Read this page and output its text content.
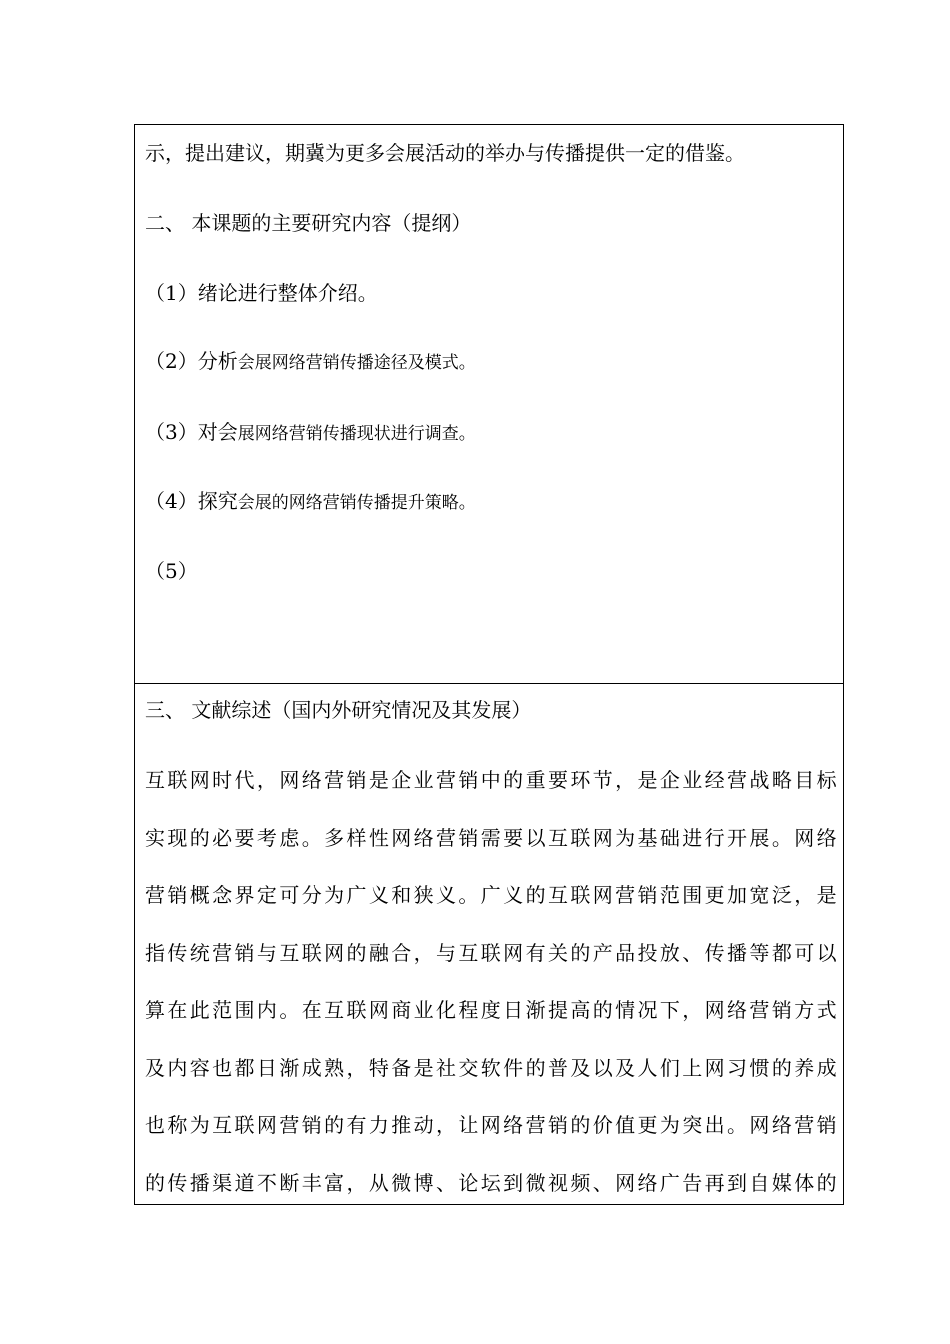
示，提出建议，期冀为更多会展活动的举办与传播提供一定的借鉴。
二、 本课题的主要研究内容（提纲）
（1）绪论进行整体介绍。
（2）分析会展网络营销传播途径及模式。
（3）对会展网络营销传播现状进行调查。
（4）探究会展的网络营销传播提升策略。
（5）
三、 文献综述（国内外研究情况及其发展）
互联网时代，网络营销是企业营销中的重要环节，是企业经营战略目标
实现的必要考虑。多样性网络营销需要以互联网为基础进行开展。网络
营销概念界定可分为广义和狭义。广义的互联网营销范围更加宽泛，是
指传统营销与互联网的融合，与互联网有关的产品投放、传播等都可以
算在此范围内。在互联网商业化程度日渐提高的情况下，网络营销方式
及内容也都日渐成熟，特备是社交软件的普及以及人们上网习惯的养成
也称为互联网营销的有力推动，让网络营销的价值更为突出。网络营销
的传播渠道不断丰富，从微博、论坛到微视频、网络广告再到自媒体的
